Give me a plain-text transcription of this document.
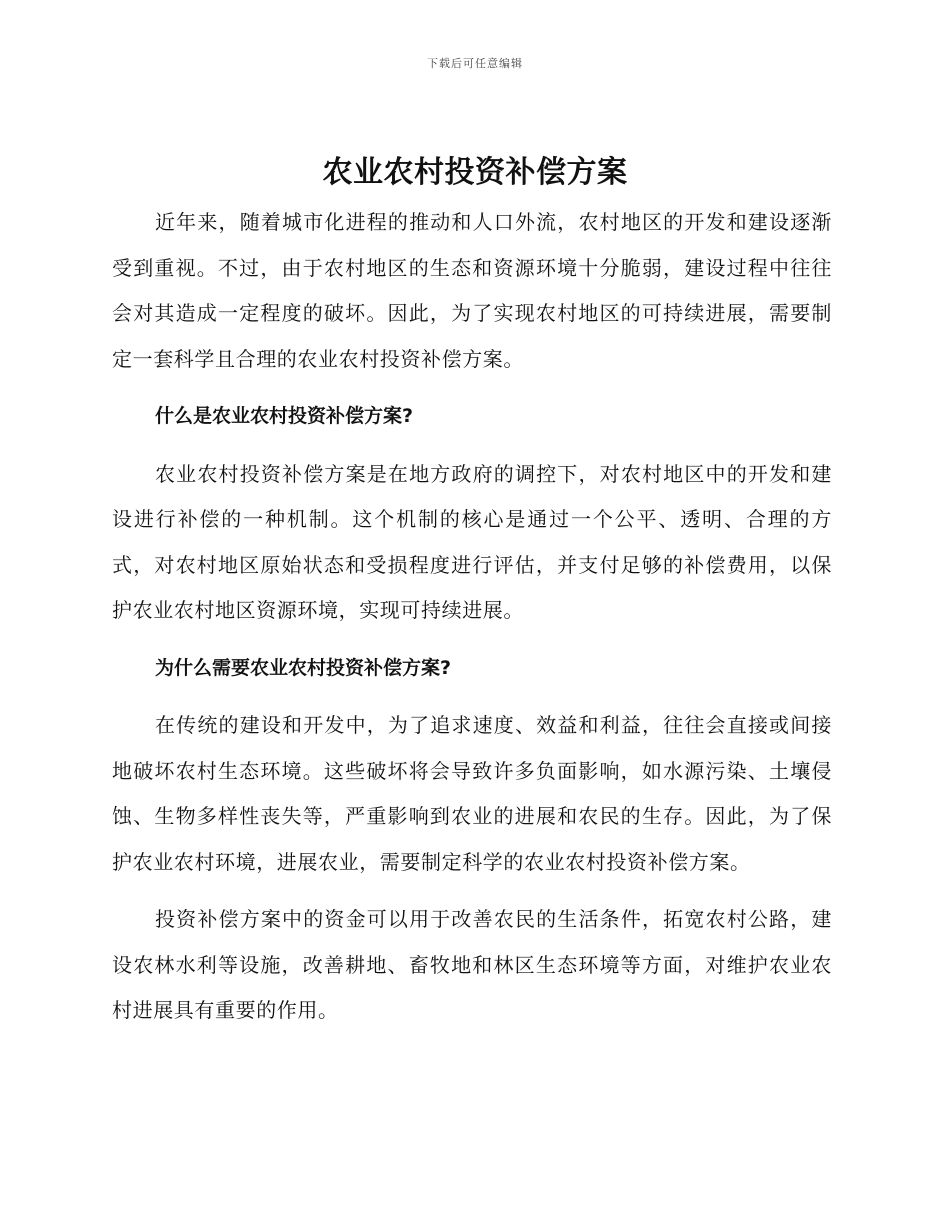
下载后可任意编辑
农业农村投资补偿方案

近年来，随着城市化进程的推动和人口外流，农村地区的开发和建设逐渐受到重视。不过，由于农村地区的生态和资源环境十分脆弱，建设过程中往往会对其造成一定程度的破坏。因此，为了实现农村地区的可持续进展，需要制定一套科学且合理的农业农村投资补偿方案。

什么是农业农村投资补偿方案?

农业农村投资补偿方案是在地方政府的调控下，对农村地区中的开发和建设进行补偿的一种机制。这个机制的核心是通过一个公平、透明、合理的方式，对农村地区原始状态和受损程度进行评估，并支付足够的补偿费用，以保护农业农村地区资源环境，实现可持续进展。

为什么需要农业农村投资补偿方案?

在传统的建设和开发中，为了追求速度、效益和利益，往往会直接或间接地破坏农村生态环境。这些破坏将会导致许多负面影响，如水源污染、土壤侵蚀、生物多样性丧失等，严重影响到农业的进展和农民的生存。因此，为了保护农业农村环境，进展农业，需要制定科学的农业农村投资补偿方案。

投资补偿方案中的资金可以用于改善农民的生活条件，拓宽农村公路，建设农林水利等设施，改善耕地、畜牧地和林区生态环境等方面，对维护农业农村进展具有重要的作用。
